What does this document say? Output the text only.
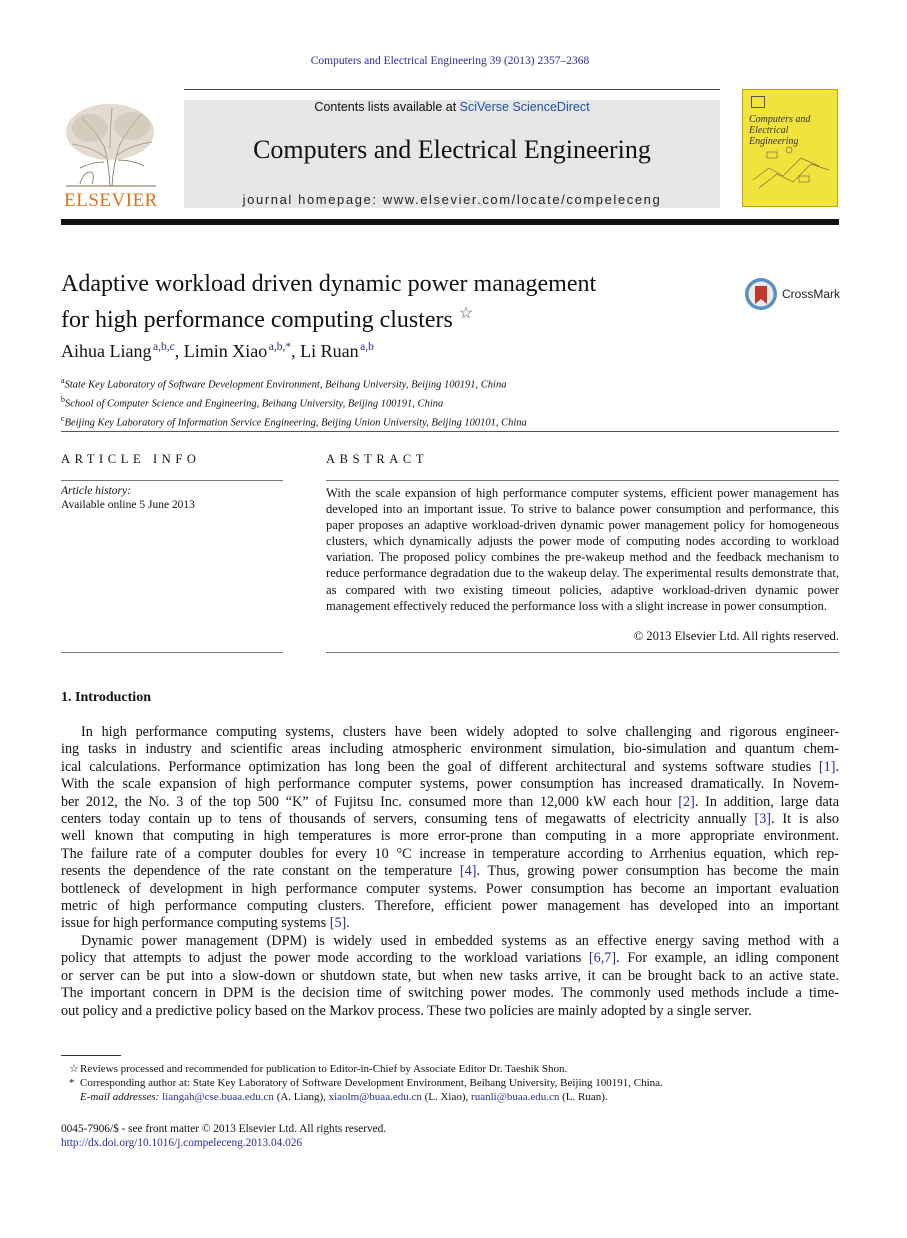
Computers and Electrical Engineering 39 (2013) 2357–2368
Contents lists available at SciVerse ScienceDirect
Computers and Electrical Engineering
journal homepage: www.elsevier.com/locate/compeleceng
ELSEVIER
Computers and Electrical Engineering
Adaptive workload driven dynamic power management
for high performance computing clusters ☆
CrossMark
Aihua Liang  $^{a,b,c}$, Limin Xiao  $^{a,b,*}$, Li Ruan  $^{a,b}$
$^a$State Key Laboratory of Software Development Environment, Beihang University, Beijing 100191, China
$^b$School of Computer Science and Engineering, Beihang University, Beijing 100191, China
$^c$Beijing Key Laboratory of Information Service Engineering, Beijing Union University, Beijing 100101, China
ARTICLE INFO	ABSTRACT
Article history:
Available online 5 June 2013
With the scale expansion of high performance computer systems, efficient power management has developed into an important issue. To strive to balance power consumption and performance, this paper proposes an adaptive workload-driven dynamic power management policy for homogeneous clusters, which dynamically adjusts the power mode of computing nodes according to workload variation. The proposed policy combines the pre-wakeup method and the feedback mechanism to reduce performance degradation due to the wakeup delay. The experimental results demonstrate that, as compared with two existing timeout policies, adaptive workload-driven dynamic power management effectively reduced the performance loss with a slight increase in power consumption.
© 2013 Elsevier Ltd. All rights reserved.
1. Introduction
In high performance computing systems, clusters have been widely adopted to solve challenging and rigorous engineer-
ing tasks in industry and scientific areas including atmospheric environment simulation, bio-simulation and quantum chem-
ical calculations. Performance optimization has long been the goal of different architectural and systems software studies [1].
With the scale expansion of high performance computer systems, power consumption has increased dramatically. In Novem-
ber 2012, the No. 3 of the top 500 “K” of Fujitsu Inc. consumed more than 12,000 kW each hour [2]. In addition, large data
centers today contain up to tens of thousands of servers, consuming tens of megawatts of electricity annually [3]. It is also
well known that computing in high temperatures is more error-prone than computing in a more appropriate environment.
The failure rate of a computer doubles for every 10 °C increase in temperature according to Arrhenius equation, which rep-
resents the dependence of the rate constant on the temperature [4]. Thus, growing power consumption has become the main
bottleneck of development in high performance computer systems. Power consumption has become an important evaluation
metric of high performance computing clusters. Therefore, efficient power management has developed into an important
issue for high performance computing systems [5].
Dynamic power management (DPM) is widely used in embedded systems as an effective energy saving method with a
policy that attempts to adjust the power mode according to the workload variations [6,7]. For example, an idling component
or server can be put into a slow-down or shutdown state, but when new tasks arrive, it can be brought back to an active state.
The important concern in DPM is the decision time of switching power modes. The commonly used methods include a time-
out policy and a predictive policy based on the Markov process. These two policies are mainly adopted by a single server.
☆ Reviews processed and recommended for publication to Editor-in-Chief by Associate Editor Dr. Taeshik Shon.
* Corresponding author at: State Key Laboratory of Software Development Environment, Beihang University, Beijing 100191, China.
E-mail addresses: liangah@cse.buaa.edu.cn (A. Liang), xiaolm@buaa.edu.cn (L. Xiao), ruanli@buaa.edu.cn (L. Ruan).
0045-7906/$ - see front matter © 2013 Elsevier Ltd. All rights reserved.
http://dx.doi.org/10.1016/j.compeleceng.2013.04.026
